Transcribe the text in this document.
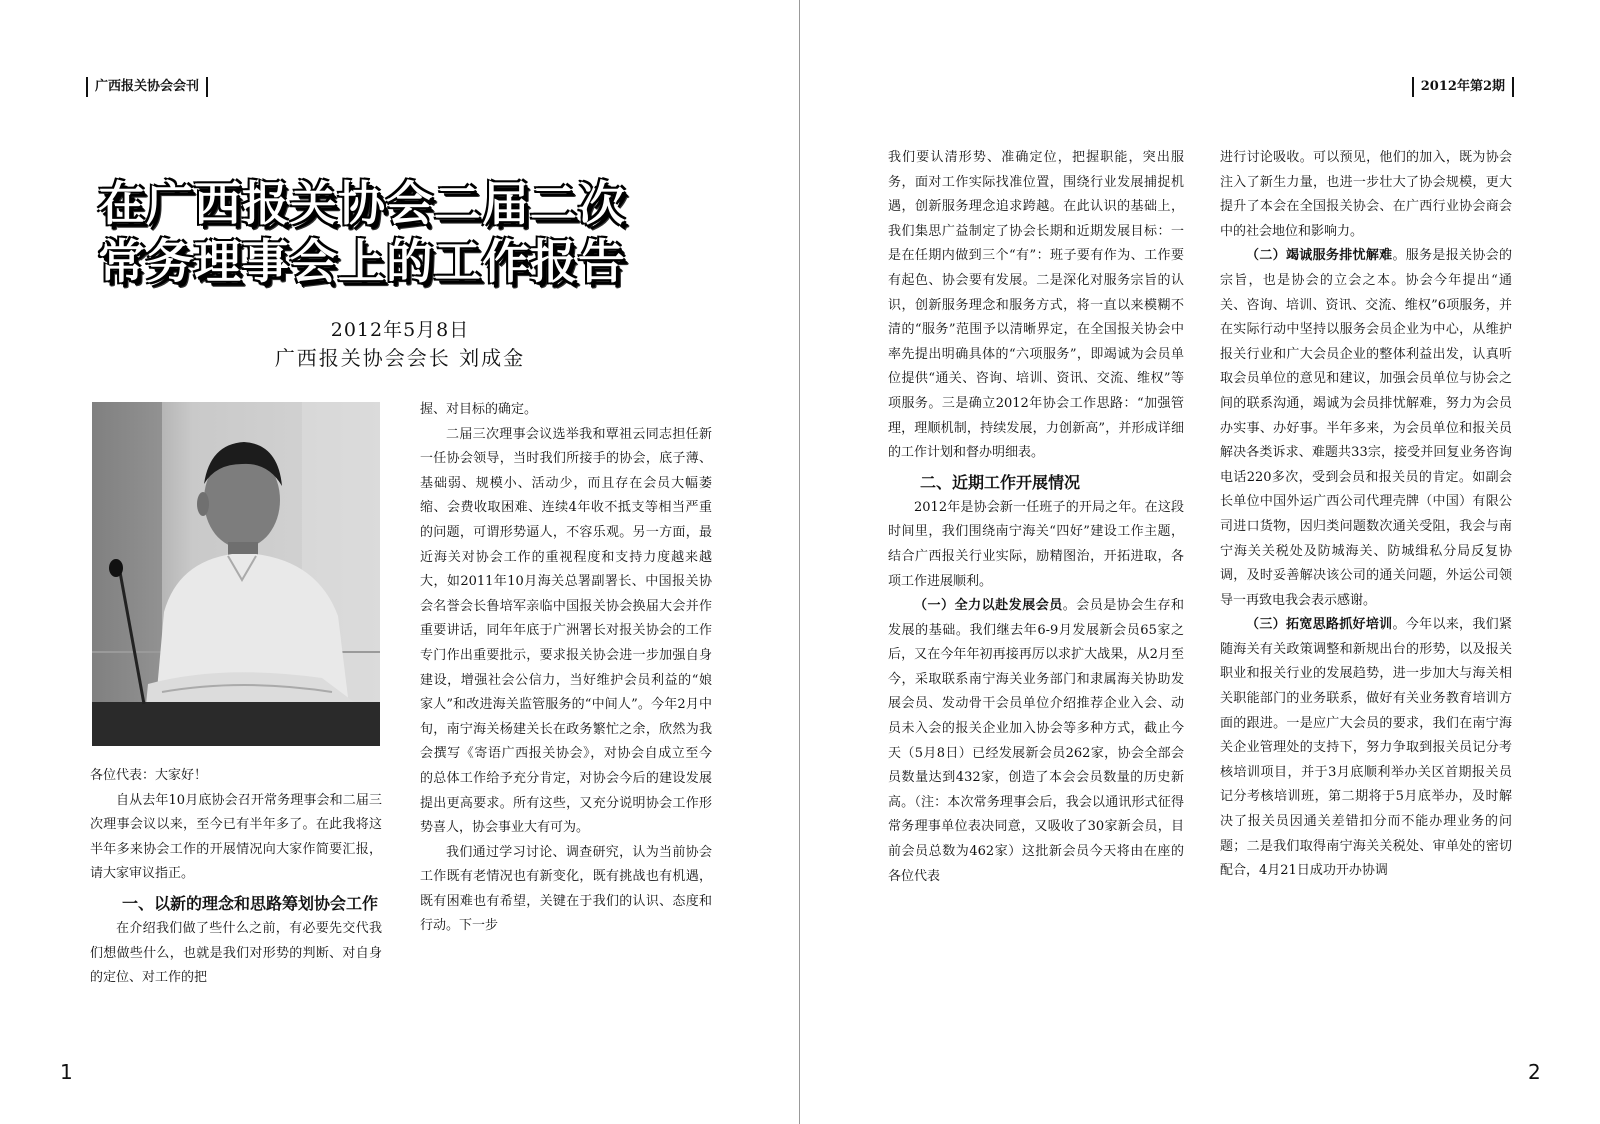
广西报关协会会刊
在广西报关协会二届二次
常务理事会上的工作报告
2012年5月8日
广西报关协会会长 刘成金

各位代表：大家好！

自从去年10月底协会召开常务理事会和二届三次理事会议以来，至今已有半年多了。在此我将这半年多来协会工作的开展情况向大家作简要汇报，请大家审议指正。

一、以新的理念和思路筹划协会工作

在介绍我们做了些什么之前，有必要先交代我们想做些什么，也就是我们对形势的判断、对自身的定位、对工作的把

握、对目标的确定。

二届三次理事会议选举我和覃祖云同志担任新一任协会领导，当时我们所接手的协会，底子薄、基础弱、规模小、活动少，而且存在会员大幅萎缩、会费收取困难、连续4年收不抵支等相当严重的问题，可谓形势逼人，不容乐观。另一方面，最近海关对协会工作的重视程度和支持力度越来越大，如2011年10月海关总署副署长、中国报关协会名誉会长鲁培军亲临中国报关协会换届大会并作重要讲话，同年年底于广洲署长对报关协会的工作专门作出重要批示，要求报关协会进一步加强自身建设，增强社会公信力，当好维护会员利益的“娘家人”和改进海关监管服务的“中间人”。今年2月中旬，南宁海关杨建关长在政务繁忙之余，欣然为我会撰写《寄语广西报关协会》，对协会自成立至今的总体工作给予充分肯定，对协会今后的建设发展提出更高要求。所有这些，又充分说明协会工作形势喜人，协会事业大有可为。

我们通过学习讨论、调查研究，认为当前协会工作既有老情况也有新变化，既有挑战也有机遇，既有困难也有希望，关键在于我们的认识、态度和行动。下一步

1
2012年第2期

我们要认清形势、准确定位，把握职能，突出服务，面对工作实际找准位置，围绕行业发展捕捉机遇，创新服务理念追求跨越。在此认识的基础上，我们集思广益制定了协会长期和近期发展目标：一是在任期内做到三个“有”：班子要有作为、工作要有起色、协会要有发展。二是深化对服务宗旨的认识，创新服务理念和服务方式，将一直以来模糊不清的“服务”范围予以清晰界定，在全国报关协会中率先提出明确具体的“六项服务”，即竭诚为会员单位提供“通关、咨询、培训、资讯、交流、维权”等项服务。三是确立2012年协会工作思路：“加强管理，理顺机制，持续发展，力创新高”，并形成详细的工作计划和督办明细表。

二、近期工作开展情况

2012年是协会新一任班子的开局之年。在这段时间里，我们围绕南宁海关“四好”建设工作主题，结合广西报关行业实际，励精图治，开拓进取，各项工作进展顺利。

（一）全力以赴发展会员。会员是协会生存和发展的基础。我们继去年6-9月发展新会员65家之后，又在今年年初再接再厉以求扩大战果，从2月至今，采取联系南宁海关业务部门和隶属海关协助发展会员、发动骨干会员单位介绍推荐企业入会、动员未入会的报关企业加入协会等多种方式，截止今天（5月8日）已经发展新会员262家，协会全部会员数量达到432家，创造了本会会员数量的历史新高。（注：本次常务理事会后，我会以通讯形式征得常务理事单位表决同意，又吸收了30家新会员，目前会员总数为462家）这批新会员今天将由在座的各位代表

进行讨论吸收。可以预见，他们的加入，既为协会注入了新生力量，也进一步壮大了协会规模，更大提升了本会在全国报关协会、在广西行业协会商会中的社会地位和影响力。

（二）竭诚服务排忧解难。服务是报关协会的宗旨，也是协会的立会之本。协会今年提出“通关、咨询、培训、资讯、交流、维权”6项服务，并在实际行动中坚持以服务会员企业为中心，从维护报关行业和广大会员企业的整体利益出发，认真听取会员单位的意见和建议，加强会员单位与协会之间的联系沟通，竭诚为会员排忧解难，努力为会员办实事、办好事。半年多来，为会员单位和报关员解决各类诉求、难题共33宗，接受并回复业务咨询电话220多次，受到会员和报关员的肯定。如副会长单位中国外运广西公司代理壳牌（中国）有限公司进口货物，因归类问题数次通关受阻，我会与南宁海关关税处及防城海关、防城缉私分局反复协调，及时妥善解决该公司的通关问题，外运公司领导一再致电我会表示感谢。

（三）拓宽思路抓好培训。今年以来，我们紧随海关有关政策调整和新规出台的形势，以及报关职业和报关行业的发展趋势，进一步加大与海关相关职能部门的业务联系，做好有关业务教育培训方面的跟进。一是应广大会员的要求，我们在南宁海关企业管理处的支持下，努力争取到报关员记分考核培训项目，并于3月底顺利举办关区首期报关员记分考核培训班，第二期将于5月底举办，及时解决了报关员因通关差错扣分而不能办理业务的问题；二是我们取得南宁海关关税处、审单处的密切配合，4月21日成功开办协调

2
